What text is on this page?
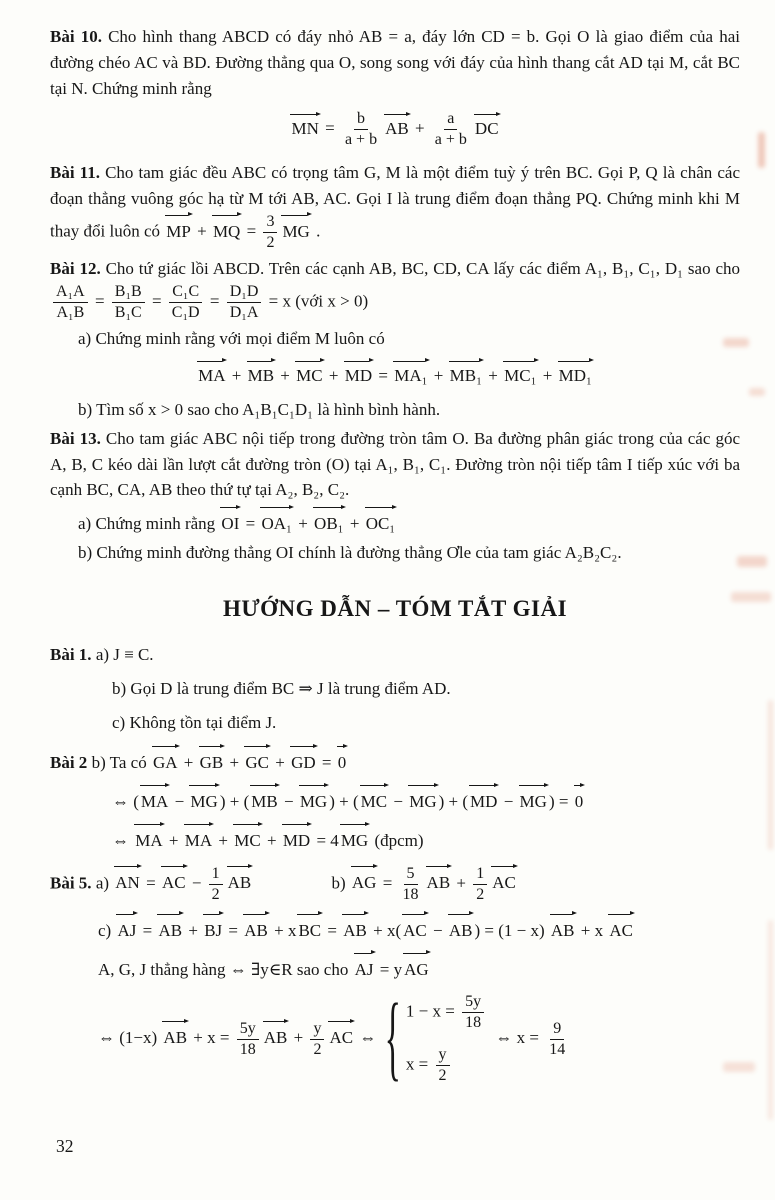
Bài 10. Cho hình thang ABCD có đáy nhỏ AB = a, đáy lớn CD = b. Gọi O là giao điểm của hai đường chéo AC và BD. Đường thẳng qua O, song song với đáy của hình thang cắt AD tại M, cắt BC tại N. Chứng minh rằng

MN = $\frac{b}{a + b}$ AB + $\frac{a}{a + b}$ DC

Bài 11. Cho tam giác đều ABC có trọng tâm G, M là một điểm tuỳ ý trên BC. Gọi P, Q là chân các đoạn thẳng vuông góc hạ từ M tới AB, AC. Gọi I là trung điểm đoạn thẳng PQ. Chứng minh khi M thay đổi luôn có
MP +
MQ = $\frac{3}{2}$ MG .

Bài 12. Cho tứ giác lồi ABCD. Trên các cạnh AB, BC, CD, CA lấy các điểm A₁, B₁, C₁, D₁ sao cho
$\frac{\text{A₁A}}{\text{A₁B}} = \frac{\text{B₁B}}{\text{B₁C}} = \frac{\text{C₁C}}{\text{C₁D}} = \frac{\text{D₁D}}{\text{D₁A}} = x$ (với x > 0)

a) Chứng minh rằng với mọi điểm M luôn có

MA +
MB +
MC +
MD =
MA₁ +
MB₁ +
MC₁ +
MD₁

b) Tìm số x > 0 sao cho A₁B₁C₁D₁ là hình bình hành.

Bài 13. Cho tam giác ABC nội tiếp trong đường tròn tâm O. Ba đường phân giác trong của các góc A, B, C kéo dài lần lượt cắt đường tròn (O) tại A₁, B₁, C₁. Đường tròn nội tiếp tâm I tiếp xúc với ba cạnh BC, CA, AB theo thứ tự tại A₂, B₂, C₂.

a) Chứng minh rằng
OI =
OA₁ +
OB₁ +
OC₁

b) Chứng minh đường thẳng OI chính là đường thẳng Ơle của tam giác A₂B₂C₂.

HƯỚNG DẪN – TÓM TẮT GIẢI

Bài 1. a) J ≡ C.

b) Gọi D là trung điểm BC ⇒ J là trung điểm AD.

c) Không tồn tại điểm J.

Bài 2 b) Ta có
GA +
GB +
GC +
GD =
0

⇔ ( MA −
MG ) + ( MB −
MG ) + ( MC −
MG ) + ( MD −
MG ) =
0

⇔
MA +
MA +
MC +
MD = 4 MG (đpcm)

Bài 5. a)
AN =
AC − $\frac{1}{2}$ AB	b)
AG = $\frac{5}{18}$ AB + $\frac{1}{2}$ AC

c)
AJ =
AB +
BJ =
AB + x BC =
AB + x( AC −
AB ) = (1 − x)
AB + x
AC

A, G, J thẳng hàng ⇔ ∃y∈R sao cho
AJ = y AG

⇔ (1−x)
AB + $x = \frac{5y}{18}$ AB + $\frac{y}{2}$ AC ⇔ { $1 - x = \frac{5y}{18}$
$x = \frac{y}{2}$
⇔ $x = \frac{9}{14}$

32
